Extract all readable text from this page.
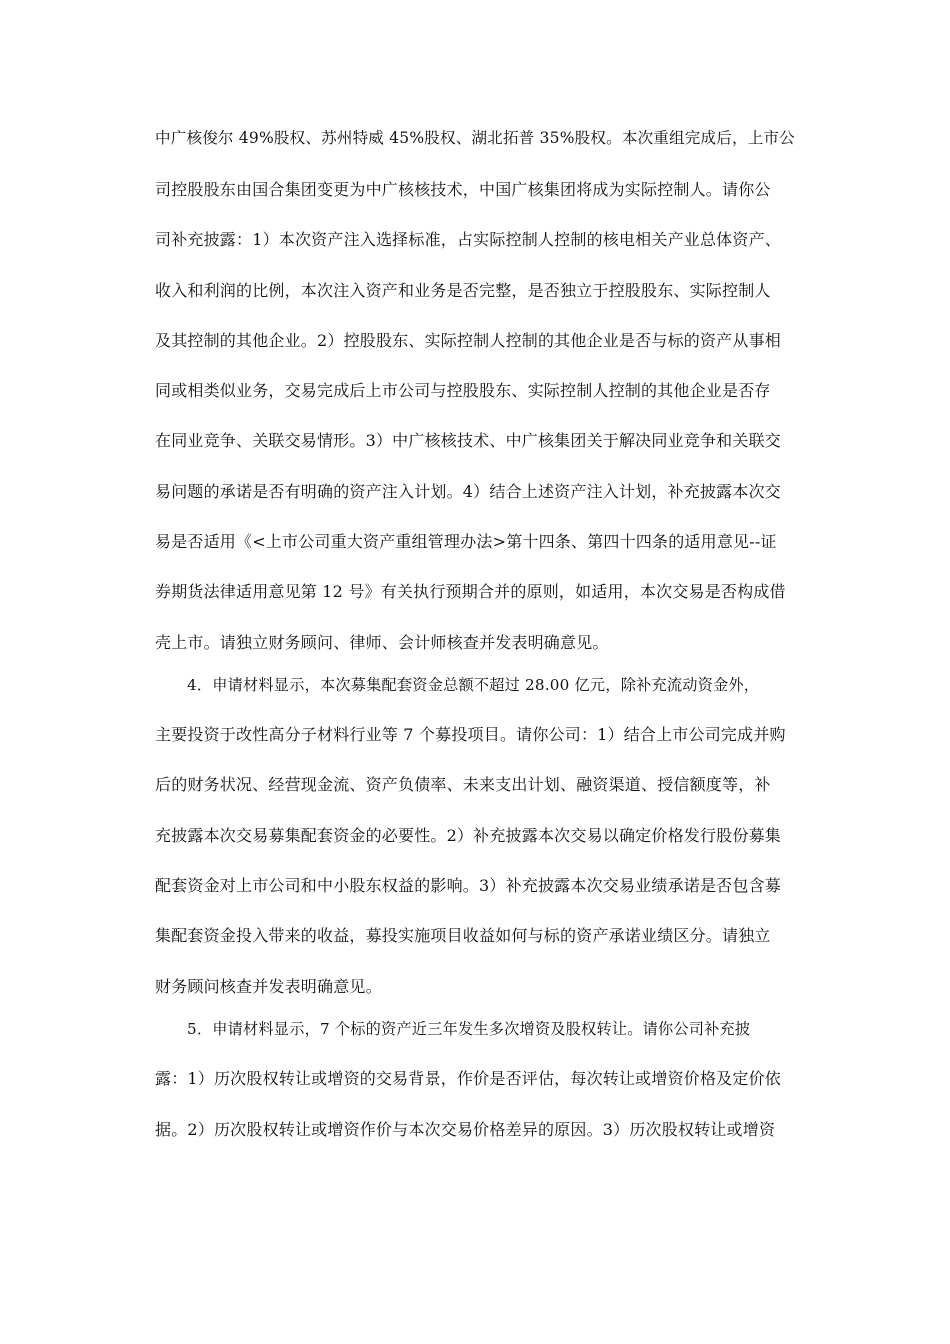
中广核俊尔 49%股权、苏州特威 45%股权、湖北拓普 35%股权。本次重组完成后，上市公

司控股股东由国合集团变更为中广核核技术，中国广核集团将成为实际控制人。请你公

司补充披露：1）本次资产注入选择标准，占实际控制人控制的核电相关产业总体资产、

收入和利润的比例，本次注入资产和业务是否完整，是否独立于控股股东、实际控制人

及其控制的其他企业。2）控股股东、实际控制人控制的其他企业是否与标的资产从事相

同或相类似业务，交易完成后上市公司与控股股东、实际控制人控制的其他企业是否存

在同业竞争、关联交易情形。3）中广核核技术、中广核集团关于解决同业竞争和关联交

易问题的承诺是否有明确的资产注入计划。4）结合上述资产注入计划，补充披露本次交

易是否适用《<上市公司重大资产重组管理办法>第十四条、第四十四条的适用意见--证

券期货法律适用意见第 12 号》有关执行预期合并的原则，如适用，本次交易是否构成借

壳上市。请独立财务顾问、律师、会计师核查并发表明确意见。

4．申请材料显示，本次募集配套资金总额不超过 28.00 亿元，除补充流动资金外，

主要投资于改性高分子材料行业等 7 个募投项目。请你公司：1）结合上市公司完成并购

后的财务状况、经营现金流、资产负债率、未来支出计划、融资渠道、授信额度等，补

充披露本次交易募集配套资金的必要性。2）补充披露本次交易以确定价格发行股份募集

配套资金对上市公司和中小股东权益的影响。3）补充披露本次交易业绩承诺是否包含募

集配套资金投入带来的收益，募投实施项目收益如何与标的资产承诺业绩区分。请独立

财务顾问核查并发表明确意见。

5．申请材料显示，7 个标的资产近三年发生多次增资及股权转让。请你公司补充披

露：1）历次股权转让或增资的交易背景，作价是否评估，每次转让或增资价格及定价依

据。2）历次股权转让或增资作价与本次交易价格差异的原因。3）历次股权转让或增资
